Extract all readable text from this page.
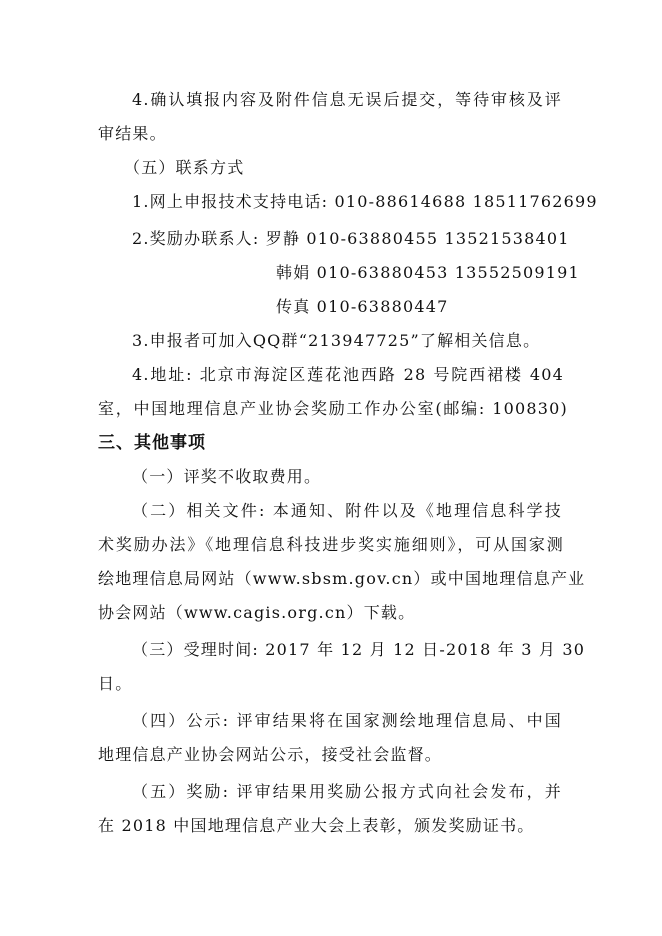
4.确认填报内容及附件信息无误后提交，等待审核及评
审结果。
（五）联系方式
1.网上申报技术支持电话: 010-88614688 18511762699
2.奖励办联系人: 罗静 010-63880455 13521538401
韩娟 010-63880453 13552509191
传真 010-63880447
3.申报者可加入QQ群“213947725”了解相关信息。
4.地址: 北京市海淀区莲花池西路 28 号院西裙楼 404
室，中国地理信息产业协会奖励工作办公室(邮编: 100830)
三、其他事项
（一）评奖不收取费用。
（二）相关文件: 本通知、附件以及《地理信息科学技
术奖励办法》《地理信息科技进步奖实施细则》，可从国家测
绘地理信息局网站（www.sbsm.gov.cn）或中国地理信息产业
协会网站（www.cagis.org.cn）下载。
（三）受理时间: 2017 年 12 月 12 日-2018 年 3 月 30
日。
（四）公示: 评审结果将在国家测绘地理信息局、中国
地理信息产业协会网站公示，接受社会监督。
（五）奖励: 评审结果用奖励公报方式向社会发布，并
在 2018 中国地理信息产业大会上表彰，颁发奖励证书。
